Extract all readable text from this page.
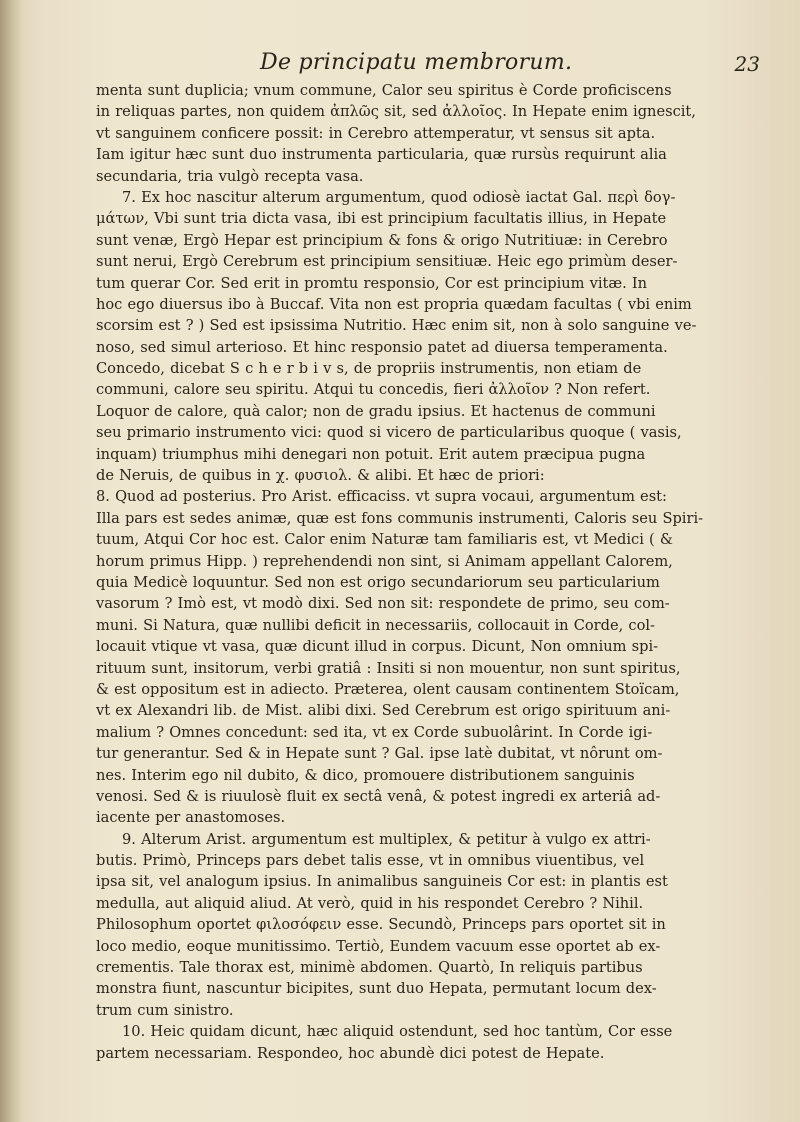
De principatu membrorum.	23
menta sunt duplicia; vnum commune, Calor seu spiritus è Corde proficiscens
in reliquas partes, non quidem ἀπλῶς sit, sed ἀλλοῖος. In Hepate enim ignescit,
vt sanguinem conficere possit: in Cerebro attemperatur, vt sensus sit apta.
Iam igitur hæc sunt duo instrumenta particularia, quæ rursùs requirunt alia
secundaria, tria vulgò recepta vasa.
7. Ex hoc nascitur alterum argumentum, quod odiosè iactat Gal. περὶ δογ-
μάτων, Vbi sunt tria dicta vasa, ibi est principium facultatis illius, in Hepate
sunt venæ, Ergò Hepar est principium & fons & origo Nutritiuæ: in Cerebro
sunt nerui, Ergò Cerebrum est principium sensitiuæ. Heic ego primùm deser-
tum querar Cor. Sed erit in promtu responsio, Cor est principium vitæ. In
hoc ego diuersus ibo à Buccaf. Vita non est propria quædam facultas ( vbi enim
scorsim est ? ) Sed est ipsissima Nutritio. Hæc enim sit, non à solo sanguine ve-
noso, sed simul arterioso. Et hinc responsio patet ad diuersa temperamenta.
Concedo, dicebat S c h e r b i v s, de propriis instrumentis, non etiam de
communi, calore seu spiritu. Atqui tu concedis, fieri ἀλλοῖον ? Non refert.
Loquor de calore, quà calor; non de gradu ipsius. Et hactenus de communi
seu primario instrumento vici: quod si vicero de particularibus quoque ( vasis,
inquam) triumphus mihi denegari non potuit. Erit autem præcipua pugna
de Neruis, de quibus in χ. φυσιολ. & alibi. Et hæc de priori:
8. Quod ad posterius. Pro Arist. efficaciss. vt supra vocaui, argumentum est:
Illa pars est sedes animæ, quæ est fons communis instrumenti, Caloris seu Spiri-
tuum, Atqui Cor hoc est. Calor enim Naturæ tam familiaris est, vt Medici ( &
horum primus Hipp. ) reprehendendi non sint, si Animam appellant Calorem,
quia Medicè loquuntur. Sed non est origo secundariorum seu particularium
vasorum ? Imò est, vt modò dixi. Sed non sit: respondete de primo, seu com-
muni. Si Natura, quæ nullibi deficit in necessariis, collocauit in Corde, col-
locauit vtique vt vasa, quæ dicunt illud in corpus. Dicunt, Non omnium spi-
rituum sunt, insitorum, verbi gratiâ : Insiti si non mouentur, non sunt spiritus,
& est oppositum est in adiecto. Præterea, olent causam continentem Stoïcam,
vt ex Alexandri lib. de Mist. alibi dixi. Sed Cerebrum est origo spirituum ani-
malium ? Omnes concedunt: sed ita, vt ex Corde subuolârint. In Corde igi-
tur generantur. Sed & in Hepate sunt ? Gal. ipse latè dubitat, vt nôrunt om-
nes. Interim ego nil dubito, & dico, promouere distributionem sanguinis
venosi. Sed & is riuulosè fluit ex sectâ venâ, & potest ingredi ex arteriâ ad-
iacente per anastomoses.
9. Alterum Arist. argumentum est multiplex, & petitur à vulgo ex attri-
butis. Primò, Princeps pars debet talis esse, vt in omnibus viuentibus, vel
ipsa sit, vel analogum ipsius. In animalibus sanguineis Cor est: in plantis est
medulla, aut aliquid aliud. At verò, quid in his respondet Cerebro ? Nihil.
Philosophum oportet φιλοσόφειν esse. Secundò, Princeps pars oportet sit in
loco medio, eoque munitissimo. Tertiò, Eundem vacuum esse oportet ab ex-
crementis. Tale thorax est, minimè abdomen. Quartò, In reliquis partibus
monstra fiunt, nascuntur bicipites, sunt duo Hepata, permutant locum dex-
trum cum sinistro.
10. Heic quidam dicunt, hæc aliquid ostendunt, sed hoc tantùm, Cor esse
partem necessariam. Respondeo, hoc abundè dici potest de Hepate.
